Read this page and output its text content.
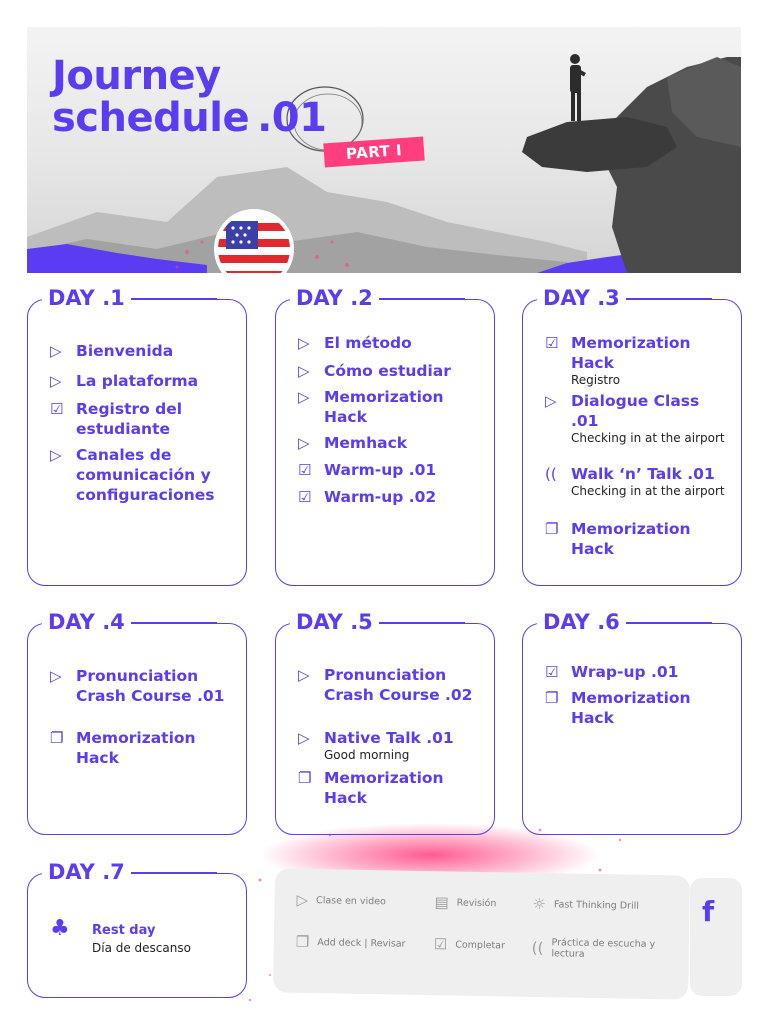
Journey
schedule .01
PART I
DAY .1
▷ Bienvenida
▷ La plataforma
☑ Registro del estudiante
▷ Canales de comunicación y configuraciones
DAY .2
▷ El método
▷ Cómo estudiar
▷ Memorization Hack
▷ Memhack
☑ Warm-up .01
☑ Warm-up .02
DAY .3
☑ Memorization Hack
Registro
▷ Dialogue Class .01
Checking in at the airport
(( Walk ‘n’ Talk .01
Checking in at the airport
❐ Memorization Hack
DAY .4
▷ Pronunciation Crash Course .01
❐ Memorization Hack
DAY .5
▷ Pronunciation Crash Course .02
▷ Native Talk .01
Good morning
❐ Memorization Hack
DAY .6
☑ Wrap-up .01
❐ Memorization Hack
DAY .7
♣	Rest day
Día de descanso
▷ Clase en video	▤ Revisión ☼ Fast Thinking Drill
❐ Add deck | Revisar ☑ Completar (( Práctica de escucha y lectura
f
